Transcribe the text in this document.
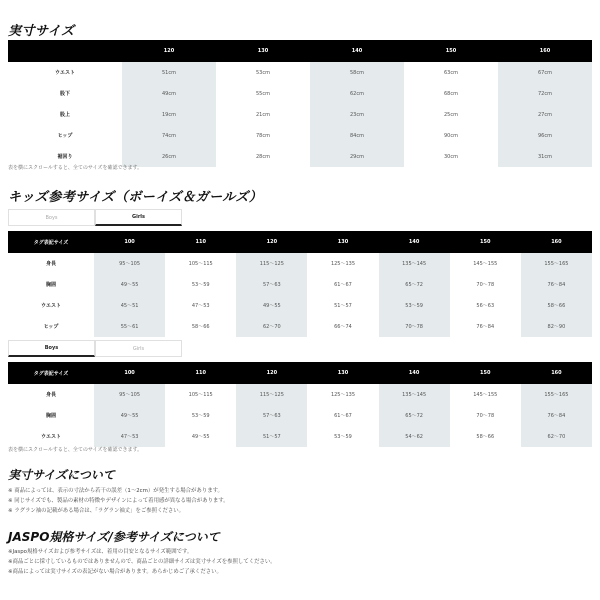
実寸サイズ
	120	130	140	150	160
ウエスト	51cm	53cm	58cm	63cm	67cm
股下	49cm	55cm	62cm	68cm	72cm
股上	19cm	21cm	23cm	25cm	27cm
ヒップ	74cm	78cm	84cm	90cm	96cm
裾回り	26cm	28cm	29cm	30cm	31cm
表を横にスクロールすると、全てのサイズを確認できます。
キッズ参考サイズ（ボーイズ＆ガールズ）
Boys	Girls
タグ表記サイズ	100	110	120	130	140	150	160
身長	95〜105	105〜115	115〜125	125〜135	135〜145	145〜155	155〜165
胸囲	49〜55	53〜59	57〜63	61〜67	65〜72	70〜78	76〜84
ウエスト	45〜51	47〜53	49〜55	51〜57	53〜59	56〜63	58〜66
ヒップ	55〜61	58〜66	62〜70	66〜74	70〜78	76〜84	82〜90
Boys	Girls
タグ表記サイズ	100	110	120	130	140	150	160
身長	95〜105	105〜115	115〜125	125〜135	135〜145	145〜155	155〜165
胸囲	49〜55	53〜59	57〜63	61〜67	65〜72	70〜78	76〜84
ウエスト	47〜53	49〜55	51〜57	53〜59	54〜62	58〜66	62〜70
表を横にスクロールすると、全てのサイズを確認できます。
実寸サイズについて
※ 商品によっては、表示の寸法から若干の誤差（1〜2cm）が発生する場合があります。
※ 同じサイズでも、製品の素材の特徴やデザインによって着用感が異なる場合があります。
※ ラグラン袖の記載がある場合は、「ラグラン袖丈」をご参照ください。
JASPO規格サイズ/参考サイズについて
※Jaspo規格サイズおよび参考サイズは、着用の目安となるサイズ範囲です。
※商品ごとに採寸しているものではありませんので、商品ごとの詳細サイズは実寸サイズを参照してください。
※商品によっては実寸サイズの表記がない場合があります。あらかじめご了承ください。
